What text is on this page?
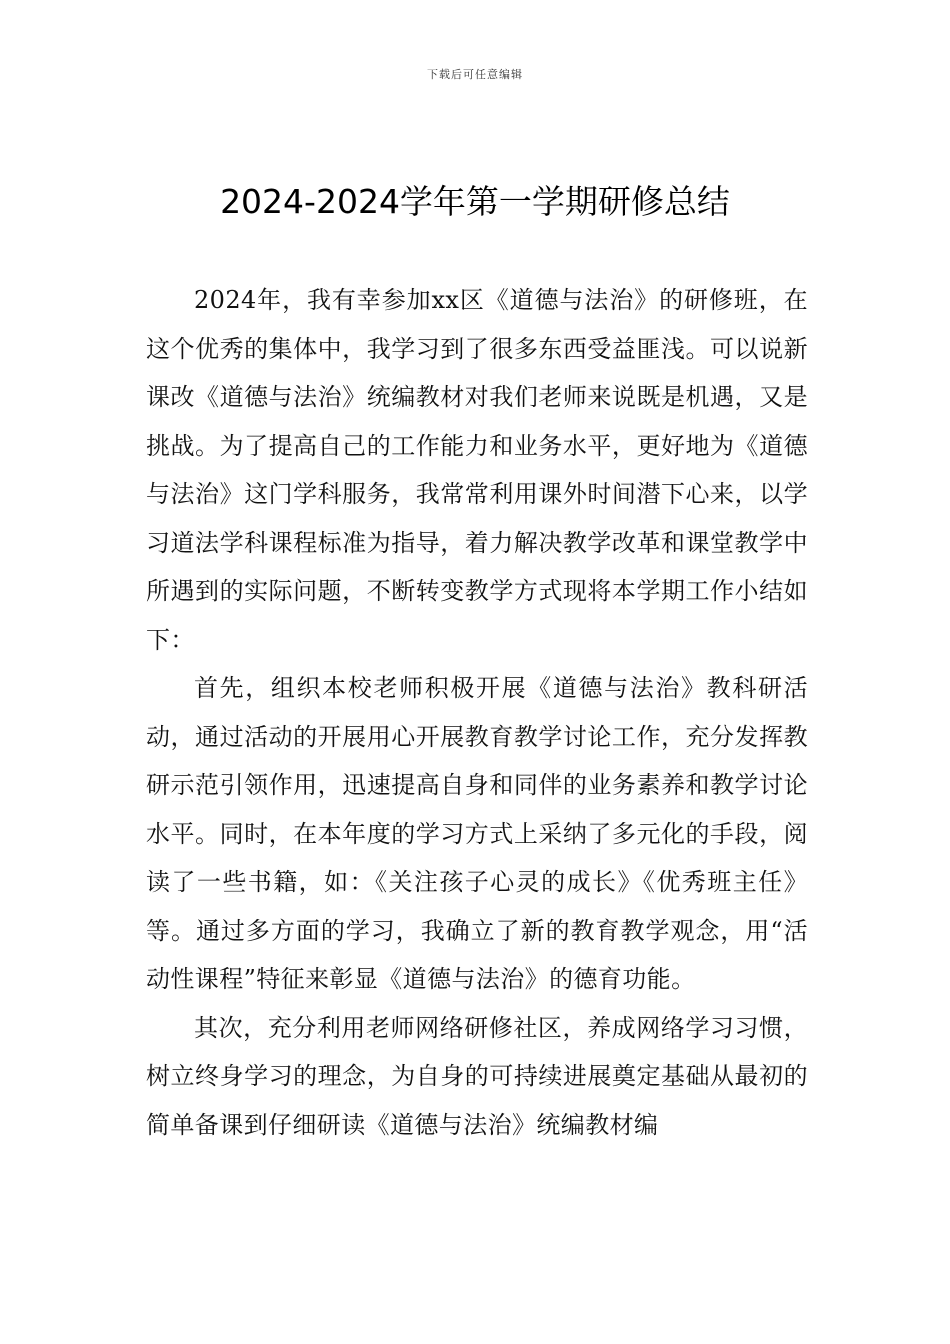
下载后可任意编辑
2024-2024学年第一学期研修总结

2024年，我有幸参加xx区《道德与法治》的研修班，在这个优秀的集体中，我学习到了很多东西受益匪浅。可以说新课改《道德与法治》统编教材对我们老师来说既是机遇，又是挑战。为了提高自己的工作能力和业务水平，更好地为《道德与法治》这门学科服务，我常常利用课外时间潜下心来，以学习道法学科课程标准为指导，着力解决教学改革和课堂教学中所遇到的实际问题，不断转变教学方式现将本学期工作小结如下：

首先，组织本校老师积极开展《道德与法治》教科研活动，通过活动的开展用心开展教育教学讨论工作，充分发挥教研示范引领作用，迅速提高自身和同伴的业务素养和教学讨论水平。同时，在本年度的学习方式上采纳了多元化的手段，阅读了一些书籍，如：《关注孩子心灵的成长》《优秀班主任》等。通过多方面的学习，我确立了新的教育教学观念，用“活动性课程”特征来彰显《道德与法治》的德育功能。

其次，充分利用老师网络研修社区，养成网络学习习惯，树立终身学习的理念，为自身的可持续进展奠定基础从最初的简单备课到仔细研读《道德与法治》统编教材编
